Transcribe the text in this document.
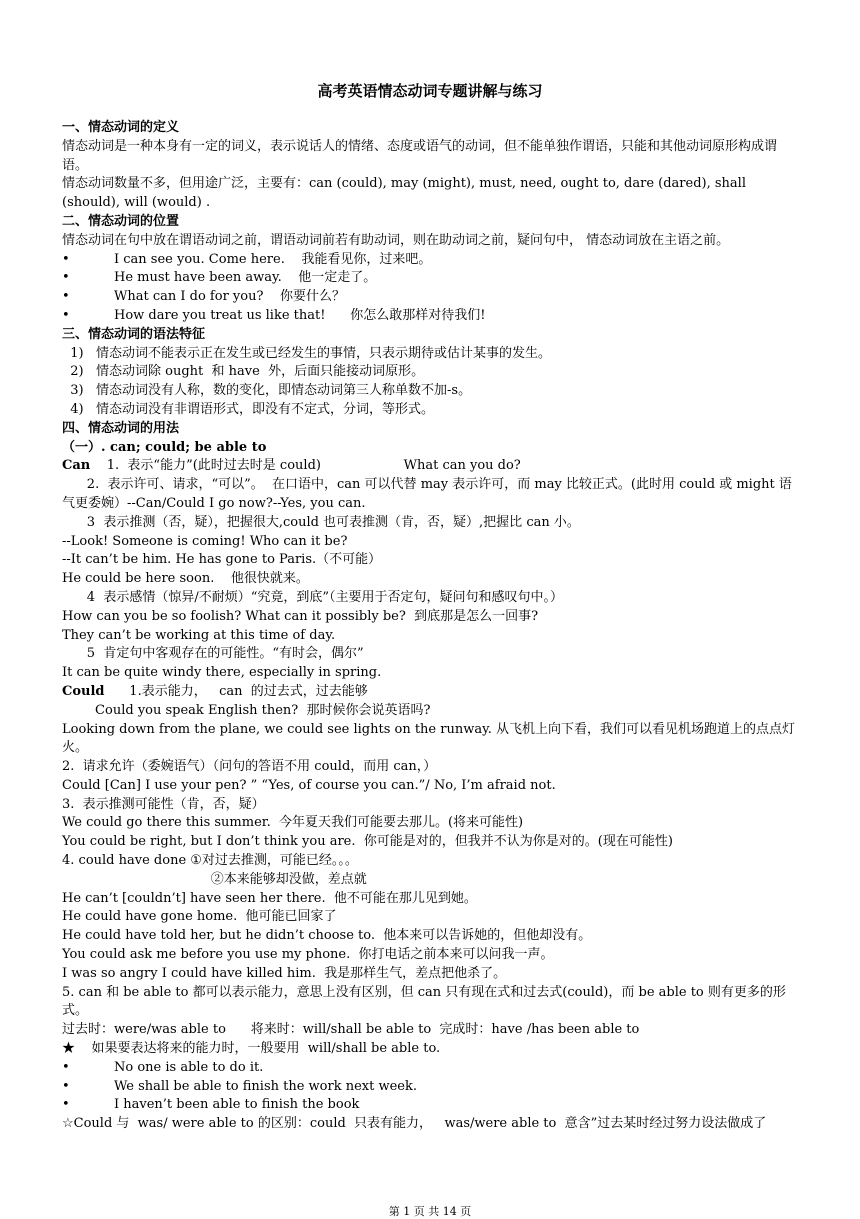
高考英语情态动词专题讲解与练习
一、情态动词的定义
情态动词是一种本身有一定的词义，表示说话人的情绪、态度或语气的动词，但不能单独作谓语，只能和其他动词原形构成谓语。
情态动词数量不多，但用途广泛，主要有：can (could), may (might), must, need, ought to, dare (dared), shall (should), will (would) .
二、情态动词的位置
情态动词在句中放在谓语动词之前，谓语动词前若有助动词，则在助动词之前，疑问句中， 情态动词放在主语之前。
•	I can see you. Come here.    我能看见你，过来吧。
•	He must have been away.    他一定走了。
•	What can I do for you?    你要什么？
•	How dare you treat us like that!      你怎么敢那样对待我们!
三、情态动词的语法特征
1)   情态动词不能表示正在发生或已经发生的事情，只表示期待或估计某事的发生。
2)   情态动词除 ought  和 have  外，后面只能接动词原形。
3)   情态动词没有人称，数的变化，即情态动词第三人称单数不加-s。
4)   情态动词没有非谓语形式，即没有不定式，分词，等形式。
四、情态动词的用法
（一）. can; could; be able to
Can    1.  表示“能力”(此时过去时是 could)                    What can you do?
2.  表示许可、请求，“可以”。  在口语中，can 可以代替 may 表示许可，而 may 比较正式。(此时用 could 或 might 语气更委婉）--Can/Could I go now?--Yes, you can.
3  表示推测（否，疑），把握很大,could 也可表推测（肯，否，疑）,把握比 can 小。
--Look! Someone is coming! Who can it be?
--It can’t be him. He has gone to Paris.（不可能）
He could be here soon.    他很快就来。
4  表示感情（惊异/不耐烦）“究竟，到底”（主要用于否定句，疑问句和感叹句中。）
How can you be so foolish? What can it possibly be?  到底那是怎么一回事?
They can’t be working at this time of day.
5  肯定句中客观存在的可能性。“有时会，偶尔”
It can be quite windy there, especially in spring.
Could      1.表示能力，   can  的过去式，过去能够
Could you speak English then?  那时候你会说英语吗?
Looking down from the plane, we could see lights on the runway. 从飞机上向下看，我们可以看见机场跑道上的点点灯火。
2.  请求允许（委婉语气）（问句的答语不用 could，而用 can，）
Could [Can] I use your pen? ” “Yes, of course you can.”/ No, I’m afraid not.
3.  表示推测可能性（肯，否，疑）
We could go there this summer.  今年夏天我们可能要去那儿。(将来可能性)
You could be right, but I don’t think you are.  你可能是对的，但我并不认为你是对的。(现在可能性)
4. could have done ①对过去推测，可能已经。。。
②本来能够却没做，差点就
He can’t [couldn’t] have seen her there.  他不可能在那儿见到她。
He could have gone home.  他可能已回家了
He could have told her, but he didn’t choose to.  他本来可以告诉她的，但他却没有。
You could ask me before you use my phone.  你打电话之前本来可以问我一声。
I was so angry I could have killed him.  我是那样生气，差点把他杀了。
5. can 和 be able to 都可以表示能力，意思上没有区别，但 can 只有现在式和过去式(could)，而 be able to 则有更多的形式。
过去时：were/was able to      将来时：will/shall be able to  完成时：have /has been able to
★    如果要表达将来的能力时，一般要用  will/shall be able to.
•	No one is able to do it.
•	We shall be able to finish the work next week.
•	I haven’t been able to finish the book
☆Could 与  was/ were able to 的区别：could  只表有能力，   was/were able to  意含”过去某时经过努力设法做成了
第 1 页 共 14 页
